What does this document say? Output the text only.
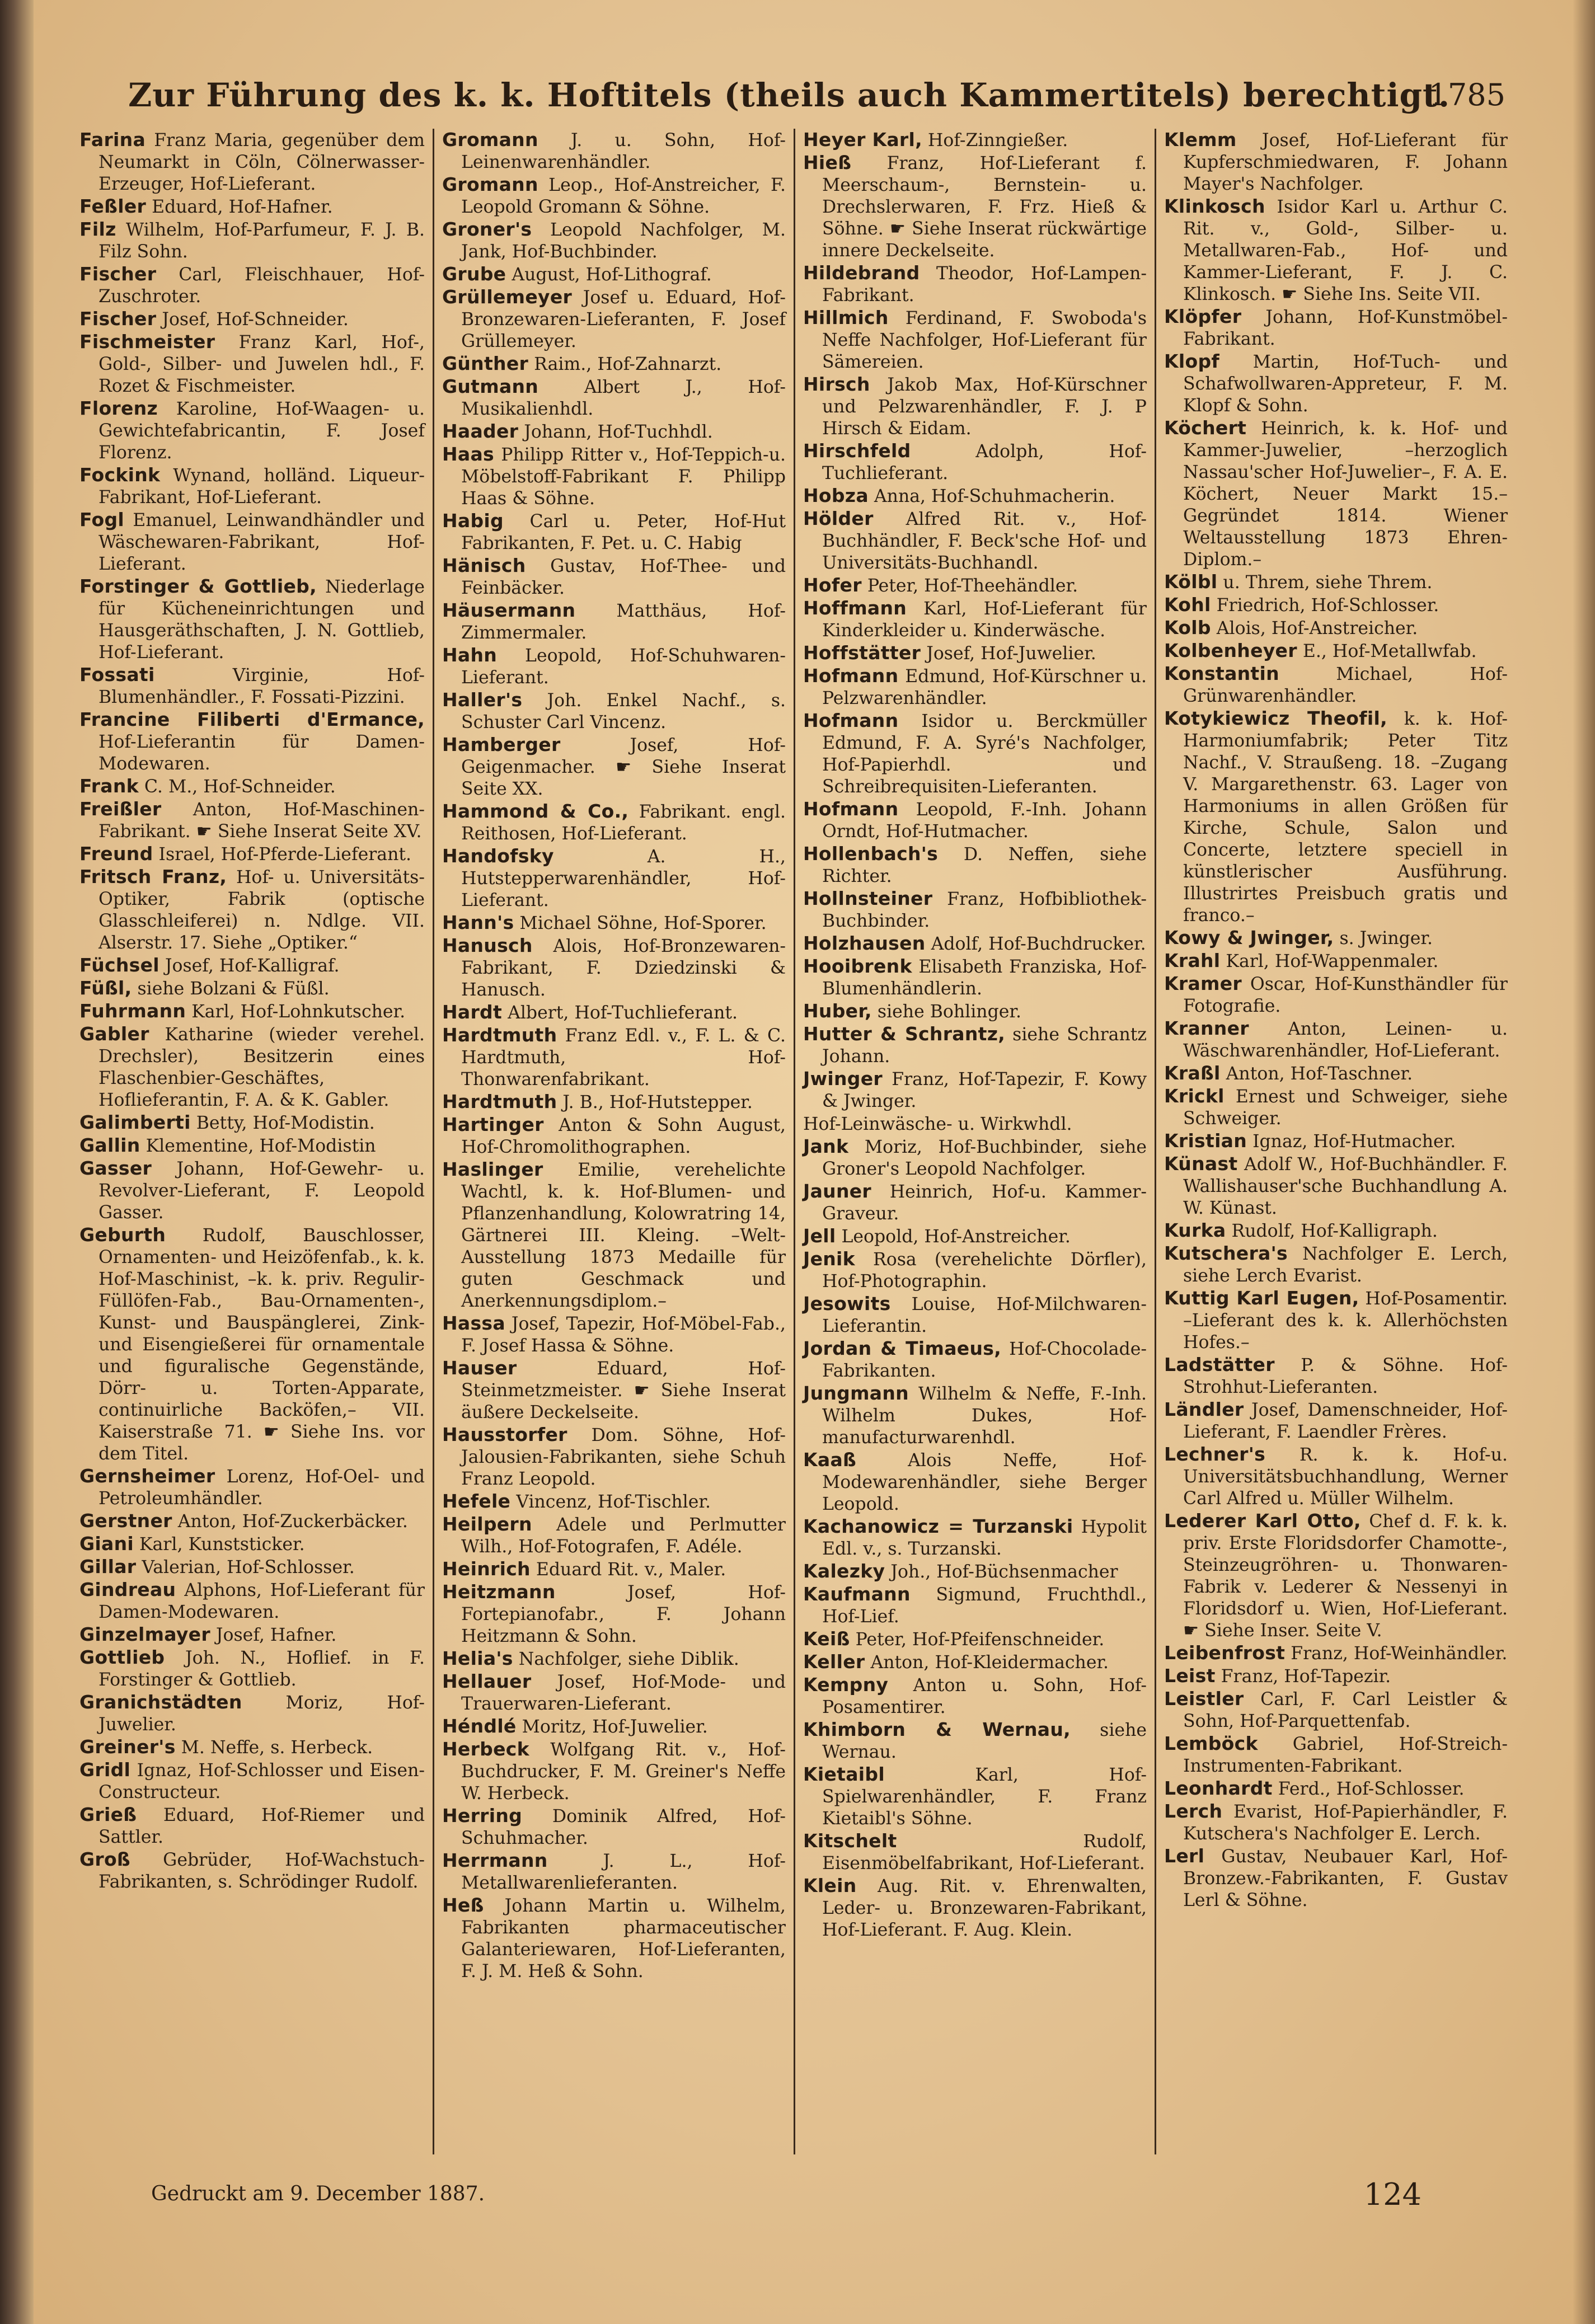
Zur Führung des k. k. Hoftitels (theils auch Kammertitels) berechtigt.
1785

Farina Franz Maria, gegenüber dem Neumarkt in Cöln, Cölnerwasser-Erzeuger, Hof-Lieferant.

Feßler Eduard, Hof-Hafner.

Filz Wilhelm, Hof-Parfumeur, F. J. B. Filz Sohn.

Fischer Carl, Fleischhauer, Hof-Zuschroter.

Fischer Josef, Hof-Schneider.

Fischmeister Franz Karl, Hof-, Gold-, Silber- und Juwelen hdl., F. Rozet & Fischmeister.

Florenz Karoline, Hof-Waagen- u. Gewichtefabricantin, F. Josef Florenz.

Fockink Wynand, holländ. Liqueur-Fabrikant, Hof-Lieferant.

Fogl Emanuel, Leinwandhändler und Wäschewaren-Fabrikant, Hof-Lieferant.

Forstinger & Gottlieb, Niederlage für Kücheneinrichtungen und Hausgeräthschaften, J. N. Gottlieb, Hof-Lieferant.

Fossati Virginie, Hof-Blumenhändler., F. Fossati-Pizzini.

Francine Filiberti d'Ermance, Hof-Lieferantin für Damen-Modewaren.

Frank C. M., Hof-Schneider.

Freißler Anton, Hof-Maschinen-Fabrikant. ☛ Siehe Inserat Seite XV.

Freund Israel, Hof-Pferde-Lieferant.

Fritsch Franz, Hof- u. Universitäts-Optiker, Fabrik (optische Glasschleiferei) n. Ndlge. VII. Alserstr. 17. Siehe „Optiker.“

Füchsel Josef, Hof-Kalligraf.

Füßl, siehe Bolzani & Füßl.

Fuhrmann Karl, Hof-Lohnkutscher.

Gabler Katharine (wieder verehel. Drechsler), Besitzerin eines Flaschenbier-Geschäftes, Hoflieferantin, F. A. & K. Gabler.

Galimberti Betty, Hof-Modistin.

Gallin Klementine, Hof-Modistin

Gasser Johann, Hof-Gewehr- u. Revolver-Lieferant, F. Leopold Gasser.

Geburth Rudolf, Bauschlosser, Ornamenten- und Heizöfenfab., k. k. Hof-Maschinist, –k. k. priv. Regulir-Füllöfen-Fab., Bau-Ornamenten-, Kunst- und Bauspänglerei, Zink- und Eisengießerei für ornamentale und figuralische Gegenstände, Dörr- u. Torten-Apparate, continuirliche Backöfen,– VII. Kaiserstraße 71. ☛ Siehe Ins. vor dem Titel.

Gernsheimer Lorenz, Hof-Oel- und Petroleumhändler.

Gerstner Anton, Hof-Zuckerbäcker.

Giani Karl, Kunststicker.

Gillar Valerian, Hof-Schlosser.

Gindreau Alphons, Hof-Lieferant für Damen-Modewaren.

Ginzelmayer Josef, Hafner.

Gottlieb Joh. N., Hoflief. in F. Forstinger & Gottlieb.

Granichstädten Moriz, Hof-Juwelier.

Greiner's M. Neffe, s. Herbeck.

Gridl Ignaz, Hof-Schlosser und Eisen-Constructeur.

Grieß Eduard, Hof-Riemer und Sattler.

Groß Gebrüder, Hof-Wachstuch-Fabrikanten, s. Schrödinger Rudolf.

Gromann J. u. Sohn, Hof-Leinenwarenhändler.

Gromann Leop., Hof-Anstreicher, F. Leopold Gromann & Söhne.

Groner's Leopold Nachfolger, M. Jank, Hof-Buchbinder.

Grube August, Hof-Lithograf.

Grüllemeyer Josef u. Eduard, Hof-Bronzewaren-Lieferanten, F. Josef Grüllemeyer.

Günther Raim., Hof-Zahnarzt.

Gutmann Albert J., Hof-Musikalienhdl.

Haader Johann, Hof-Tuchhdl.

Haas Philipp Ritter v., Hof-Teppich-u. Möbelstoff-Fabrikant F. Philipp Haas & Söhne.

Habig Carl u. Peter, Hof-Hut Fabrikanten, F. Pet. u. C. Habig

Hänisch Gustav, Hof-Thee- und Feinbäcker.

Häusermann Matthäus, Hof-Zimmermaler.

Hahn Leopold, Hof-Schuhwaren-Lieferant.

Haller's Joh. Enkel Nachf., s. Schuster Carl Vincenz.

Hamberger Josef, Hof-Geigenmacher. ☛ Siehe Inserat Seite XX.

Hammond & Co., Fabrikant. engl. Reithosen, Hof-Lieferant.

Handofsky A. H., Hutstepperwarenhändler, Hof-Lieferant.

Hann's Michael Söhne, Hof-Sporer.

Hanusch Alois, Hof-Bronzewaren-Fabrikant, F. Dziedzinski & Hanusch.

Hardt Albert, Hof-Tuchlieferant.

Hardtmuth Franz Edl. v., F. L. & C. Hardtmuth, Hof-Thonwarenfabrikant.

Hardtmuth J. B., Hof-Hutstepper.

Hartinger Anton & Sohn August, Hof-Chromolithographen.

Haslinger Emilie, verehelichte Wachtl, k. k. Hof-Blumen- und Pflanzenhandlung, Kolowratring 14, Gärtnerei III. Kleing. –Welt-Ausstellung 1873 Medaille für guten Geschmack und Anerkennungsdiplom.–

Hassa Josef, Tapezir, Hof-Möbel-Fab., F. Josef Hassa & Söhne.

Hauser Eduard, Hof-Steinmetzmeister. ☛ Siehe Inserat äußere Deckelseite.

Hausstorfer Dom. Söhne, Hof-Jalousien-Fabrikanten, siehe Schuh Franz Leopold.

Hefele Vincenz, Hof-Tischler.

Heilpern Adele und Perlmutter Wilh., Hof-Fotografen, F. Adéle.

Heinrich Eduard Rit. v., Maler.

Heitzmann Josef, Hof-Fortepianofabr., F. Johann Heitzmann & Sohn.

Helia's Nachfolger, siehe Diblik.

Hellauer Josef, Hof-Mode- und Trauerwaren-Lieferant.

Héndlé Moritz, Hof-Juwelier.

Herbeck Wolfgang Rit. v., Hof-Buchdrucker, F. M. Greiner's Neffe W. Herbeck.

Herring Dominik Alfred, Hof-Schuhmacher.

Herrmann J. L., Hof-Metallwarenlieferanten.

Heß Johann Martin u. Wilhelm, Fabrikanten pharmaceutischer Galanteriewaren, Hof-Lieferanten, F. J. M. Heß & Sohn.

Heyer Karl, Hof-Zinngießer.

Hieß Franz, Hof-Lieferant f. Meerschaum-, Bernstein- u. Drechslerwaren, F. Frz. Hieß & Söhne. ☛ Siehe Inserat rückwärtige innere Deckelseite.

Hildebrand Theodor, Hof-Lampen-Fabrikant.

Hillmich Ferdinand, F. Swoboda's Neffe Nachfolger, Hof-Lieferant für Sämereien.

Hirsch Jakob Max, Hof-Kürschner und Pelzwarenhändler, F. J. P Hirsch & Eidam.

Hirschfeld Adolph, Hof-Tuchlieferant.

Hobza Anna, Hof-Schuhmacherin.

Hölder Alfred Rit. v., Hof-Buchhändler, F. Beck'sche Hof- und Universitäts-Buchhandl.

Hofer Peter, Hof-Theehändler.

Hoffmann Karl, Hof-Lieferant für Kinderkleider u. Kinderwäsche.

Hoffstätter Josef, Hof-Juwelier.

Hofmann Edmund, Hof-Kürschner u. Pelzwarenhändler.

Hofmann Isidor u. Berckmüller Edmund, F. A. Syré's Nachfolger, Hof-Papierhdl. und Schreibrequisiten-Lieferanten.

Hofmann Leopold, F.-Inh. Johann Orndt, Hof-Hutmacher.

Hollenbach's D. Neffen, siehe Richter.

Hollnsteiner Franz, Hofbibliothek-Buchbinder.

Holzhausen Adolf, Hof-Buchdrucker.

Hooibrenk Elisabeth Franziska, Hof-Blumenhändlerin.

Huber, siehe Bohlinger.

Hutter & Schrantz, siehe Schrantz Johann.

Jwinger Franz, Hof-Tapezir, F. Kowy & Jwinger.

Hof-Leinwäsche- u. Wirkwhdl.

Jank Moriz, Hof-Buchbinder, siehe Groner's Leopold Nachfolger.

Jauner Heinrich, Hof-u. Kammer-Graveur.

Jell Leopold, Hof-Anstreicher.

Jenik Rosa (verehelichte Dörfler), Hof-Photographin.

Jesowits Louise, Hof-Milchwaren-Lieferantin.

Jordan & Timaeus, Hof-Chocolade-Fabrikanten.

Jungmann Wilhelm & Neffe, F.-Inh. Wilhelm Dukes, Hof-manufacturwarenhdl.

Kaaß Alois Neffe, Hof-Modewarenhändler, siehe Berger Leopold.

Kachanowicz = Turzanski Hypolit Edl. v., s. Turzanski.

Kalezky Joh., Hof-Büchsenmacher

Kaufmann Sigmund, Fruchthdl., Hof-Lief.

Keiß Peter, Hof-Pfeifenschneider.

Keller Anton, Hof-Kleidermacher.

Kempny Anton u. Sohn, Hof-Posamentirer.

Khimborn & Wernau, siehe Wernau.

Kietaibl Karl, Hof-Spielwarenhändler, F. Franz Kietaibl's Söhne.

Kitschelt Rudolf, Eisenmöbelfabrikant, Hof-Lieferant.

Klein Aug. Rit. v. Ehrenwalten, Leder- u. Bronzewaren-Fabrikant, Hof-Lieferant. F. Aug. Klein.

Klemm Josef, Hof-Lieferant für Kupferschmiedwaren, F. Johann Mayer's Nachfolger.

Klinkosch Isidor Karl u. Arthur C. Rit. v., Gold-, Silber- u. Metallwaren-Fab., Hof- und Kammer-Lieferant, F. J. C. Klinkosch. ☛ Siehe Ins. Seite VII.

Klöpfer Johann, Hof-Kunstmöbel-Fabrikant.

Klopf Martin, Hof-Tuch- und Schafwollwaren-Appreteur, F. M. Klopf & Sohn.

Köchert Heinrich, k. k. Hof- und Kammer-Juwelier, –herzoglich Nassau'scher Hof-Juwelier–, F. A. E. Köchert, Neuer Markt 15.–Gegründet 1814. Wiener Weltausstellung 1873 Ehren-Diplom.–

Kölbl u. Threm, siehe Threm.

Kohl Friedrich, Hof-Schlosser.

Kolb Alois, Hof-Anstreicher.

Kolbenheyer E., Hof-Metallwfab.

Konstantin Michael, Hof-Grünwarenhändler.

Kotykiewicz Theofil, k. k. Hof-Harmoniumfabrik; Peter Titz Nachf., V. Straußeng. 18. –Zugang V. Margarethenstr. 63. Lager von Harmoniums in allen Größen für Kirche, Schule, Salon und Concerte, letztere speciell in künstlerischer Ausführung. Illustrirtes Preisbuch gratis und franco.–

Kowy & Jwinger, s. Jwinger.

Krahl Karl, Hof-Wappenmaler.

Kramer Oscar, Hof-Kunsthändler für Fotografie.

Kranner Anton, Leinen- u. Wäschwarenhändler, Hof-Lieferant.

Kraßl Anton, Hof-Taschner.

Krickl Ernest und Schweiger, siehe Schweiger.

Kristian Ignaz, Hof-Hutmacher.

Künast Adolf W., Hof-Buchhändler. F. Wallishauser'sche Buchhandlung A. W. Künast.

Kurka Rudolf, Hof-Kalligraph.

Kutschera's Nachfolger E. Lerch, siehe Lerch Evarist.

Kuttig Karl Eugen, Hof-Posamentir. –Lieferant des k. k. Allerhöchsten Hofes.–

Ladstätter P. & Söhne. Hof-Strohhut-Lieferanten.

Ländler Josef, Damenschneider, Hof-Lieferant, F. Laendler Frères.

Lechner's R. k. k. Hof-u. Universitätsbuchhandlung, Werner Carl Alfred u. Müller Wilhelm.

Lederer Karl Otto, Chef d. F. k. k. priv. Erste Floridsdorfer Chamotte-, Steinzeugröhren- u. Thonwaren-Fabrik v. Lederer & Nessenyi in Floridsdorf u. Wien, Hof-Lieferant. ☛ Siehe Inser. Seite V.

Leibenfrost Franz, Hof-Weinhändler.

Leist Franz, Hof-Tapezir.

Leistler Carl, F. Carl Leistler & Sohn, Hof-Parquettenfab.

Lemböck Gabriel, Hof-Streich-Instrumenten-Fabrikant.

Leonhardt Ferd., Hof-Schlosser.

Lerch Evarist, Hof-Papierhändler, F. Kutschera's Nachfolger E. Lerch.

Lerl Gustav, Neubauer Karl, Hof-Bronzew.-Fabrikanten, F. Gustav Lerl & Söhne.

Gedruckt am 9. December 1887.	124
